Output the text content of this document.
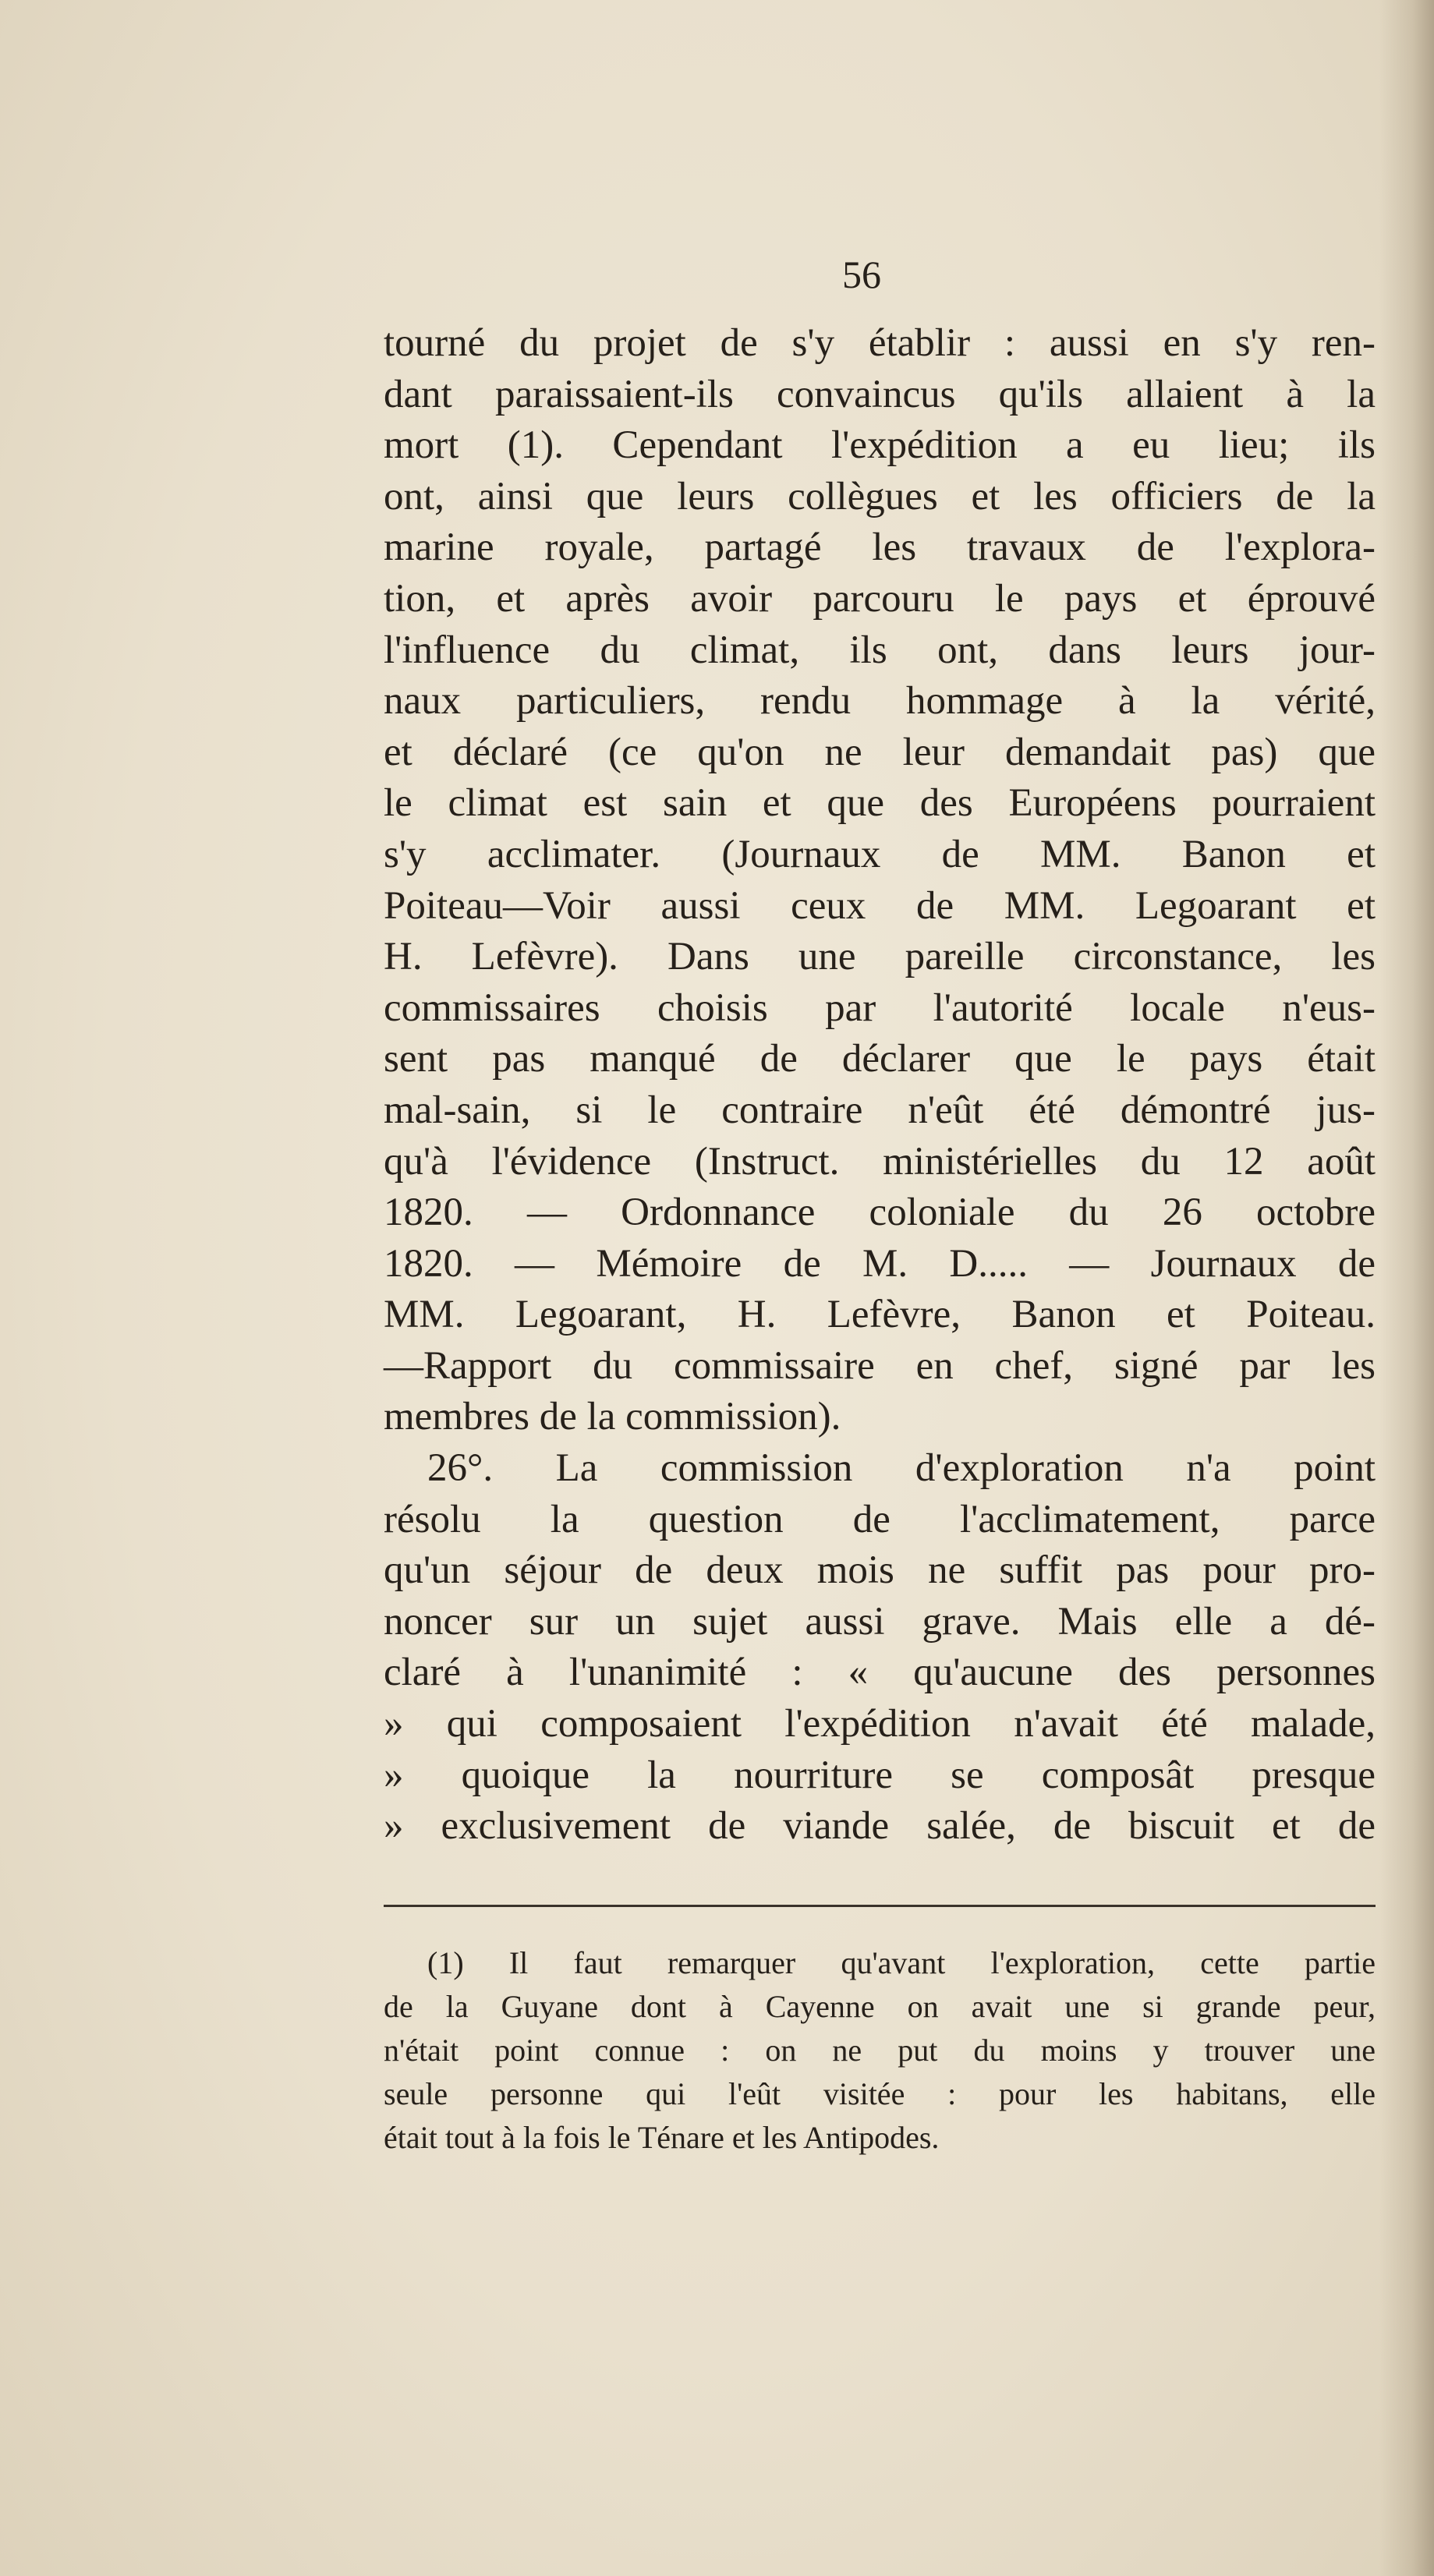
56
tourné du projet de s'y établir : aussi en s'y ren-
dant paraissaient-ils convaincus qu'ils allaient à la
mort (1). Cependant l'expédition a eu lieu; ils
ont, ainsi que leurs collègues et les officiers de la
marine royale, partagé les travaux de l'explora-
tion, et après avoir parcouru le pays et éprouvé
l'influence du climat, ils ont, dans leurs jour-
naux particuliers, rendu hommage à la vérité,
et déclaré (ce qu'on ne leur demandait pas) que
le climat est sain et que des Européens pourraient
s'y acclimater. (Journaux de MM. Banon et
Poiteau—Voir aussi ceux de MM. Legoarant et
H. Lefèvre). Dans une pareille circonstance, les
commissaires choisis par l'autorité locale n'eus-
sent pas manqué de déclarer que le pays était
mal-sain, si le contraire n'eût été démontré jus-
qu'à l'évidence (Instruct. ministérielles du 12 août
1820. — Ordonnance coloniale du 26 octobre
1820. — Mémoire de M. D..... — Journaux de
MM. Legoarant, H. Lefèvre, Banon et Poiteau.
—Rapport du commissaire en chef, signé par les
membres de la commission).
26°. La commission d'exploration n'a point
résolu la question de l'acclimatement, parce
qu'un séjour de deux mois ne suffit pas pour pro-
noncer sur un sujet aussi grave. Mais elle a dé-
claré à l'unanimité : « qu'aucune des personnes
» qui composaient l'expédition n'avait été malade,
» quoique la nourriture se composât presque
» exclusivement de viande salée, de biscuit et de
(1) Il faut remarquer qu'avant l'exploration, cette partie
de la Guyane dont à Cayenne on avait une si grande peur,
n'était point connue : on ne put du moins y trouver une
seule personne qui l'eût visitée : pour les habitans, elle
était tout à la fois le Ténare et les Antipodes.
